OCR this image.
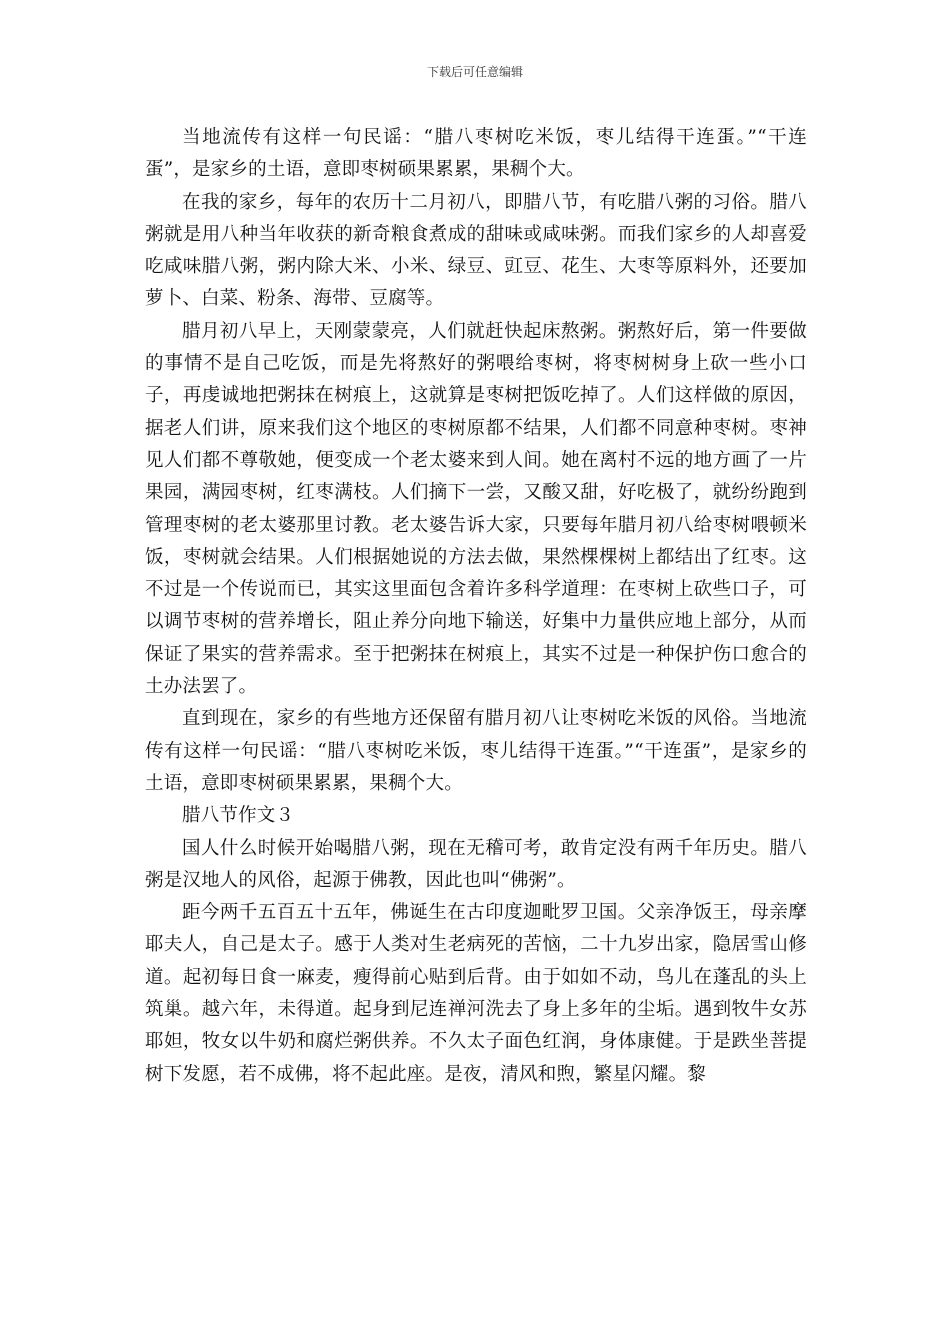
下载后可任意编辑

当地流传有这样一句民谣：“腊八枣树吃米饭，枣儿结得干连蛋。”“干连蛋”，是家乡的土语，意即枣树硕果累累，果稠个大。

在我的家乡，每年的农历十二月初八，即腊八节，有吃腊八粥的习俗。腊八粥就是用八种当年收获的新奇粮食煮成的甜味或咸味粥。而我们家乡的人却喜爱吃咸味腊八粥，粥内除大米、小米、绿豆、豇豆、花生、大枣等原料外，还要加萝卜、白菜、粉条、海带、豆腐等。

腊月初八早上，天刚蒙蒙亮，人们就赶快起床熬粥。粥熬好后，第一件要做的事情不是自己吃饭，而是先将熬好的粥喂给枣树，将枣树树身上砍一些小口子，再虔诚地把粥抹在树痕上，这就算是枣树把饭吃掉了。人们这样做的原因，据老人们讲，原来我们这个地区的枣树原都不结果，人们都不同意种枣树。枣神见人们都不尊敬她，便变成一个老太婆来到人间。她在离村不远的地方画了一片果园，满园枣树，红枣满枝。人们摘下一尝，又酸又甜，好吃极了，就纷纷跑到管理枣树的老太婆那里讨教。老太婆告诉大家，只要每年腊月初八给枣树喂顿米饭，枣树就会结果。人们根据她说的方法去做，果然棵棵树上都结出了红枣。这不过是一个传说而已，其实这里面包含着许多科学道理：在枣树上砍些口子，可以调节枣树的营养增长，阻止养分向地下输送，好集中力量供应地上部分，从而保证了果实的营养需求。至于把粥抹在树痕上，其实不过是一种保护伤口愈合的土办法罢了。

直到现在，家乡的有些地方还保留有腊月初八让枣树吃米饭的风俗。当地流传有这样一句民谣：“腊八枣树吃米饭，枣儿结得干连蛋。”“干连蛋”，是家乡的土语，意即枣树硕果累累，果稠个大。

腊八节作文３

国人什么时候开始喝腊八粥，现在无稽可考，敢肯定没有两千年历史。腊八粥是汉地人的风俗，起源于佛教，因此也叫“佛粥”。

距今两千五百五十五年，佛诞生在古印度迦毗罗卫国。父亲净饭王，母亲摩耶夫人，自己是太子。感于人类对生老病死的苦恼，二十九岁出家，隐居雪山修道。起初每日食一麻麦，瘦得前心贴到后背。由于如如不动，鸟儿在蓬乱的头上筑巢。越六年，未得道。起身到尼连禅河洗去了身上多年的尘垢。遇到牧牛女苏耶妲，牧女以牛奶和腐烂粥供养。不久太子面色红润，身体康健。于是跌坐菩提树下发愿，若不成佛，将不起此座。是夜，清风和煦，繁星闪耀。黎
